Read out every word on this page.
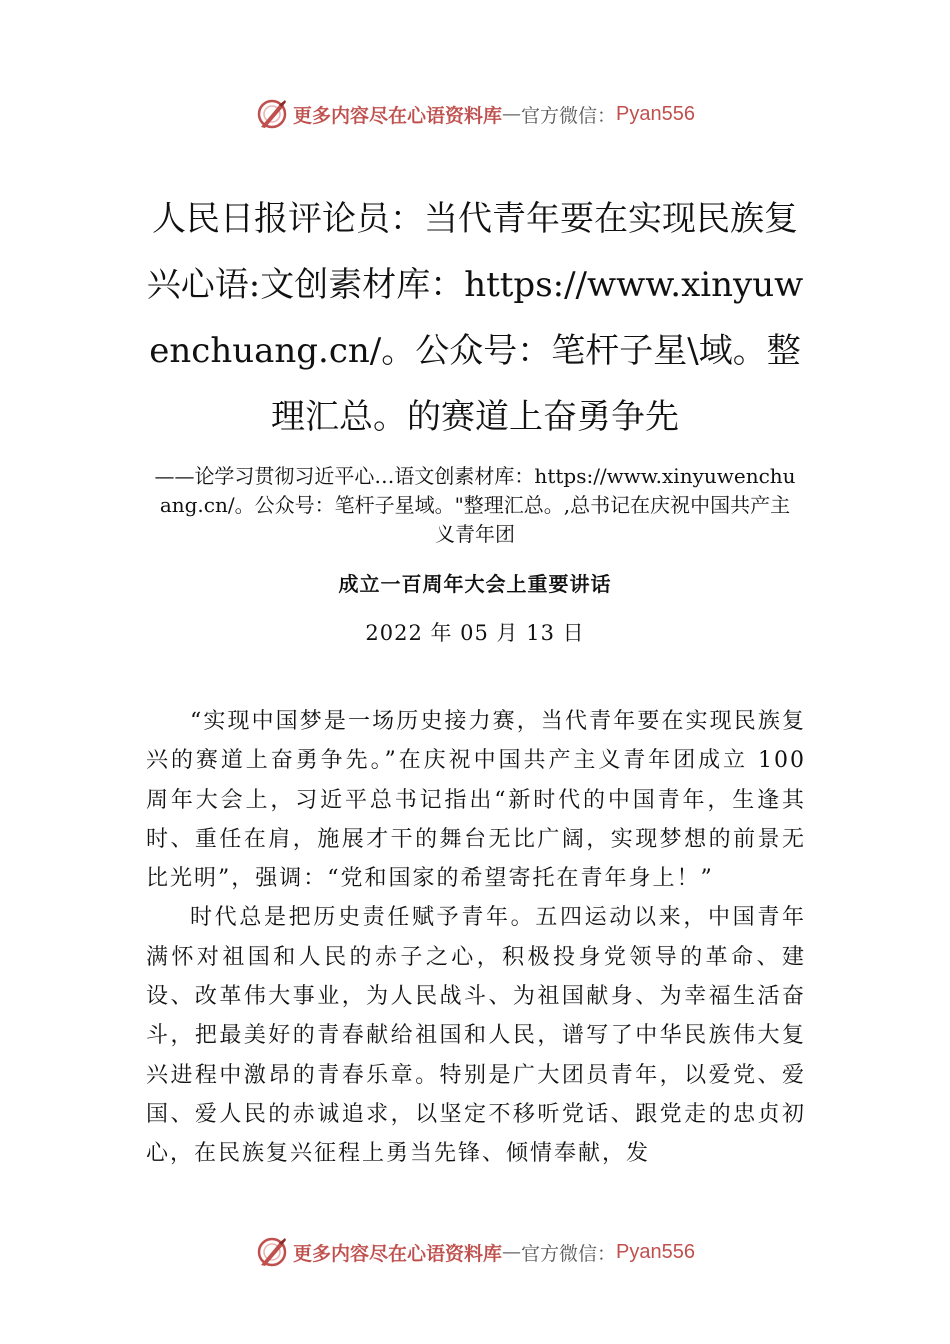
更多内容尽在心语资料库 — 官方微信： Pyan556
人民日报评论员：当代青年要在实现民族复兴心语:文创素材库：https://www.xinyuwenchuang.cn/。公众号：笔杆子星\域。整理汇总。的赛道上奋勇争先
——论学习贯彻习近平心…语文创素材库：https://www.xinyuwenchuang.cn/。公众号：笔杆子星域。"整理汇总。,总书记在庆祝中国共产主义青年团
成立一百周年大会上重要讲话
2022 年 05 月 13 日

“实现中国梦是一场历史接力赛，当代青年要在实现民族复兴的赛道上奋勇争先。”在庆祝中国共产主义青年团成立 100 周年大会上，习近平总书记指出“新时代的中国青年，生逢其时、重任在肩，施展才干的舞台无比广阔，实现梦想的前景无比光明”，强调：“党和国家的希望寄托在青年身上！”

时代总是把历史责任赋予青年。五四运动以来，中国青年满怀对祖国和人民的赤子之心，积极投身党领导的革命、建设、改革伟大事业，为人民战斗、为祖国献身、为幸福生活奋斗，把最美好的青春献给祖国和人民，谱写了中华民族伟大复兴进程中激昂的青春乐章。特别是广大团员青年，以爱党、爱国、爱人民的赤诚追求，以坚定不移听党话、跟党走的忠贞初心，在民族复兴征程上勇当先锋、倾情奉献，发

更多内容尽在心语资料库 — 官方微信： Pyan556
